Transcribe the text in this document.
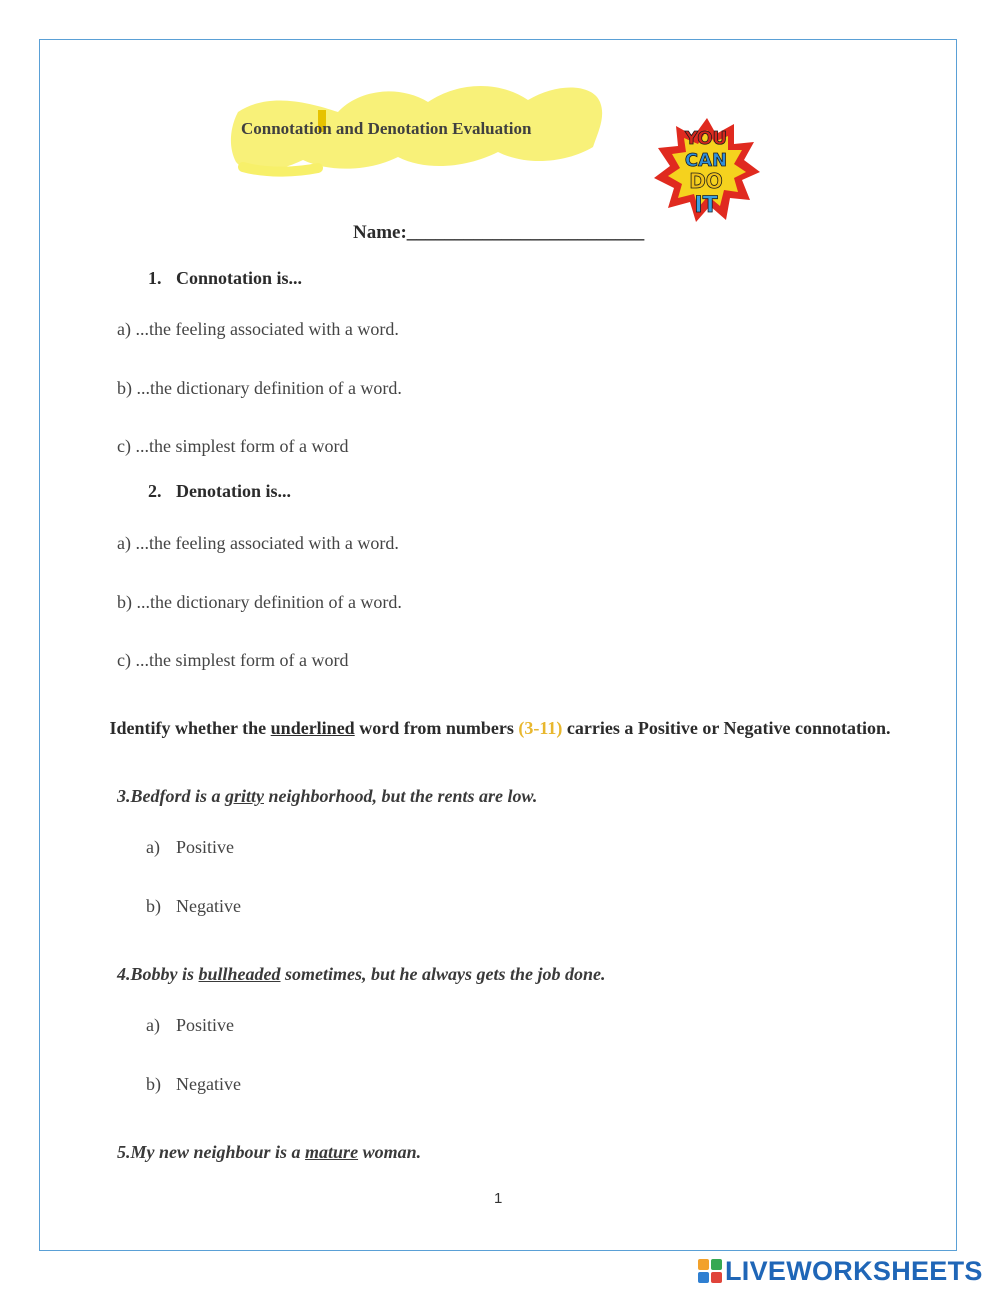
Connotation and Denotation Evaluation	YOU
CAN
DO
IT
Name:_________________________
1. Connotation is...
a) ...the feeling associated with a word.
b) ...the dictionary definition of a word.
c) ...the simplest form of a word
2. Denotation is...
a) ...the feeling associated with a word.
b) ...the dictionary definition of a word.
c) ...the simplest form of a word
Identify whether the underlined word from numbers (3-11) carries a Positive or Negative connotation.
3.Bedford is a gritty neighborhood, but the rents are low.
a) Positive
b) Negative
4.Bobby is bullheaded sometimes, but he always gets the job done.
a) Positive
b) Negative
5.My new neighbour is a mature woman.
1
LIVEWORKSHEETS
